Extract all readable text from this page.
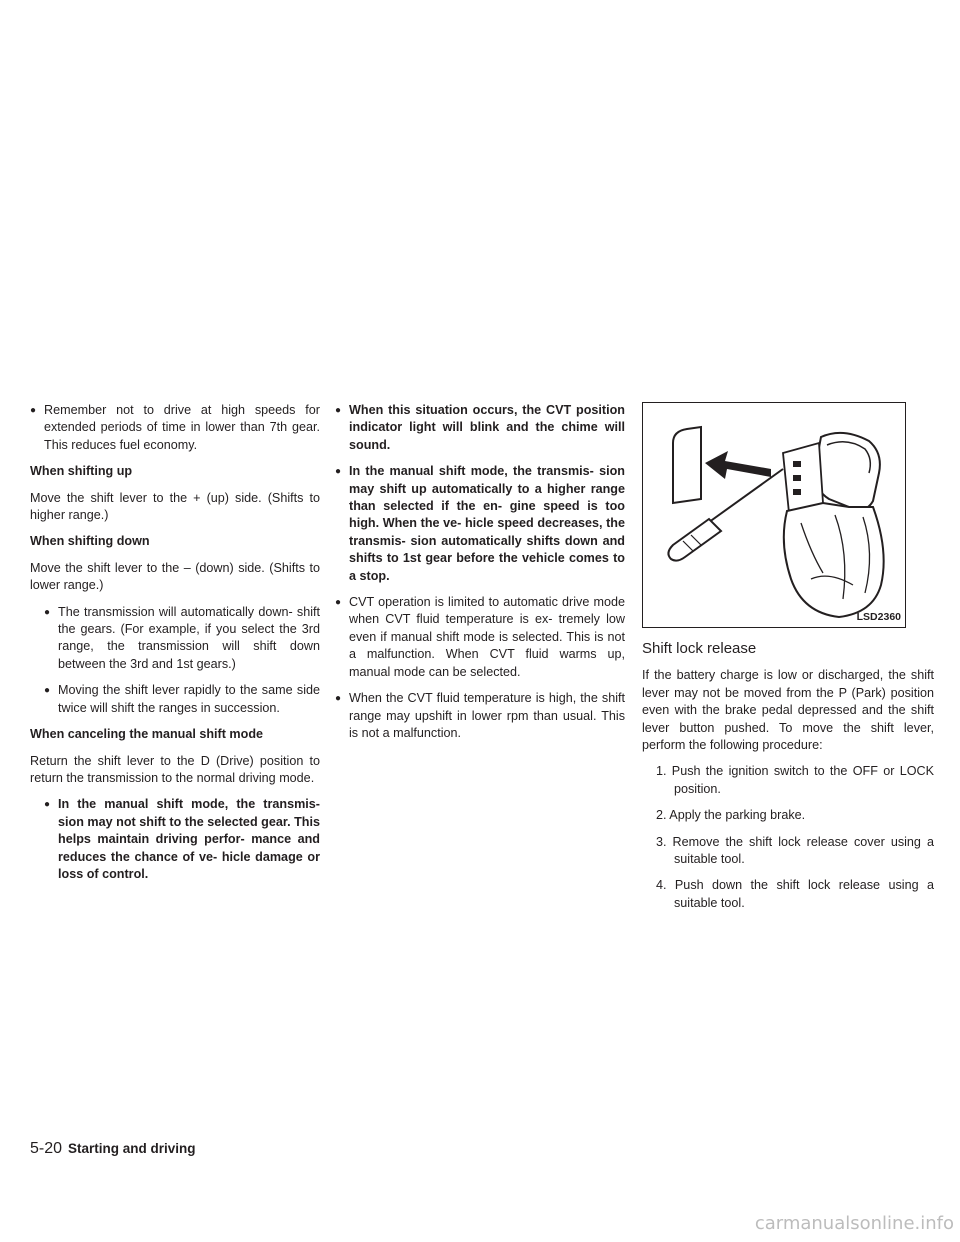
● Remember not to drive at high speeds for extended periods of time in lower than 7th gear. This reduces fuel economy.
When shifting up

Move the shift lever to the + (up) side. (Shifts to higher range.)

When shifting down

Move the shift lever to the – (down) side. (Shifts to lower range.)

● The transmission will automatically down- shift the gears. (For example, if you select the 3rd range, the transmission will shift down between the 3rd and 1st gears.)
● Moving the shift lever rapidly to the same side twice will shift the ranges in succession.
When canceling the manual shift mode

Return the shift lever to the D (Drive) position to return the transmission to the normal driving mode.

● In the manual shift mode, the transmis- sion may not shift to the selected gear. This helps maintain driving perfor- mance and reduces the chance of ve- hicle damage or loss of control.
● When this situation occurs, the CVT position indicator light will blink and the chime will sound.
● In the manual shift mode, the transmis- sion may shift up automatically to a higher range than selected if the en- gine speed is too high. When the ve- hicle speed decreases, the transmis- sion automatically shifts down and shifts to 1st gear before the vehicle comes to a stop.
● CVT operation is limited to automatic drive mode when CVT fluid temperature is ex- tremely low even if manual shift mode is selected. This is not a malfunction. When CVT fluid warms up, manual mode can be selected.
● When the CVT fluid temperature is high, the shift range may upshift in lower rpm than usual. This is not a malfunction.
LSD2360
Shift lock release

If the battery charge is low or discharged, the shift lever may not be moved from the P (Park) position even with the brake pedal depressed and the shift lever button pushed. To move the shift lever, perform the following procedure:

1. Push the ignition switch to the OFF or LOCK position.
2. Apply the parking brake.
3. Remove the shift lock release cover using a suitable tool.
4. Push down the shift lock release using a suitable tool.
5-20 Starting and driving
carmanualsonline.info
